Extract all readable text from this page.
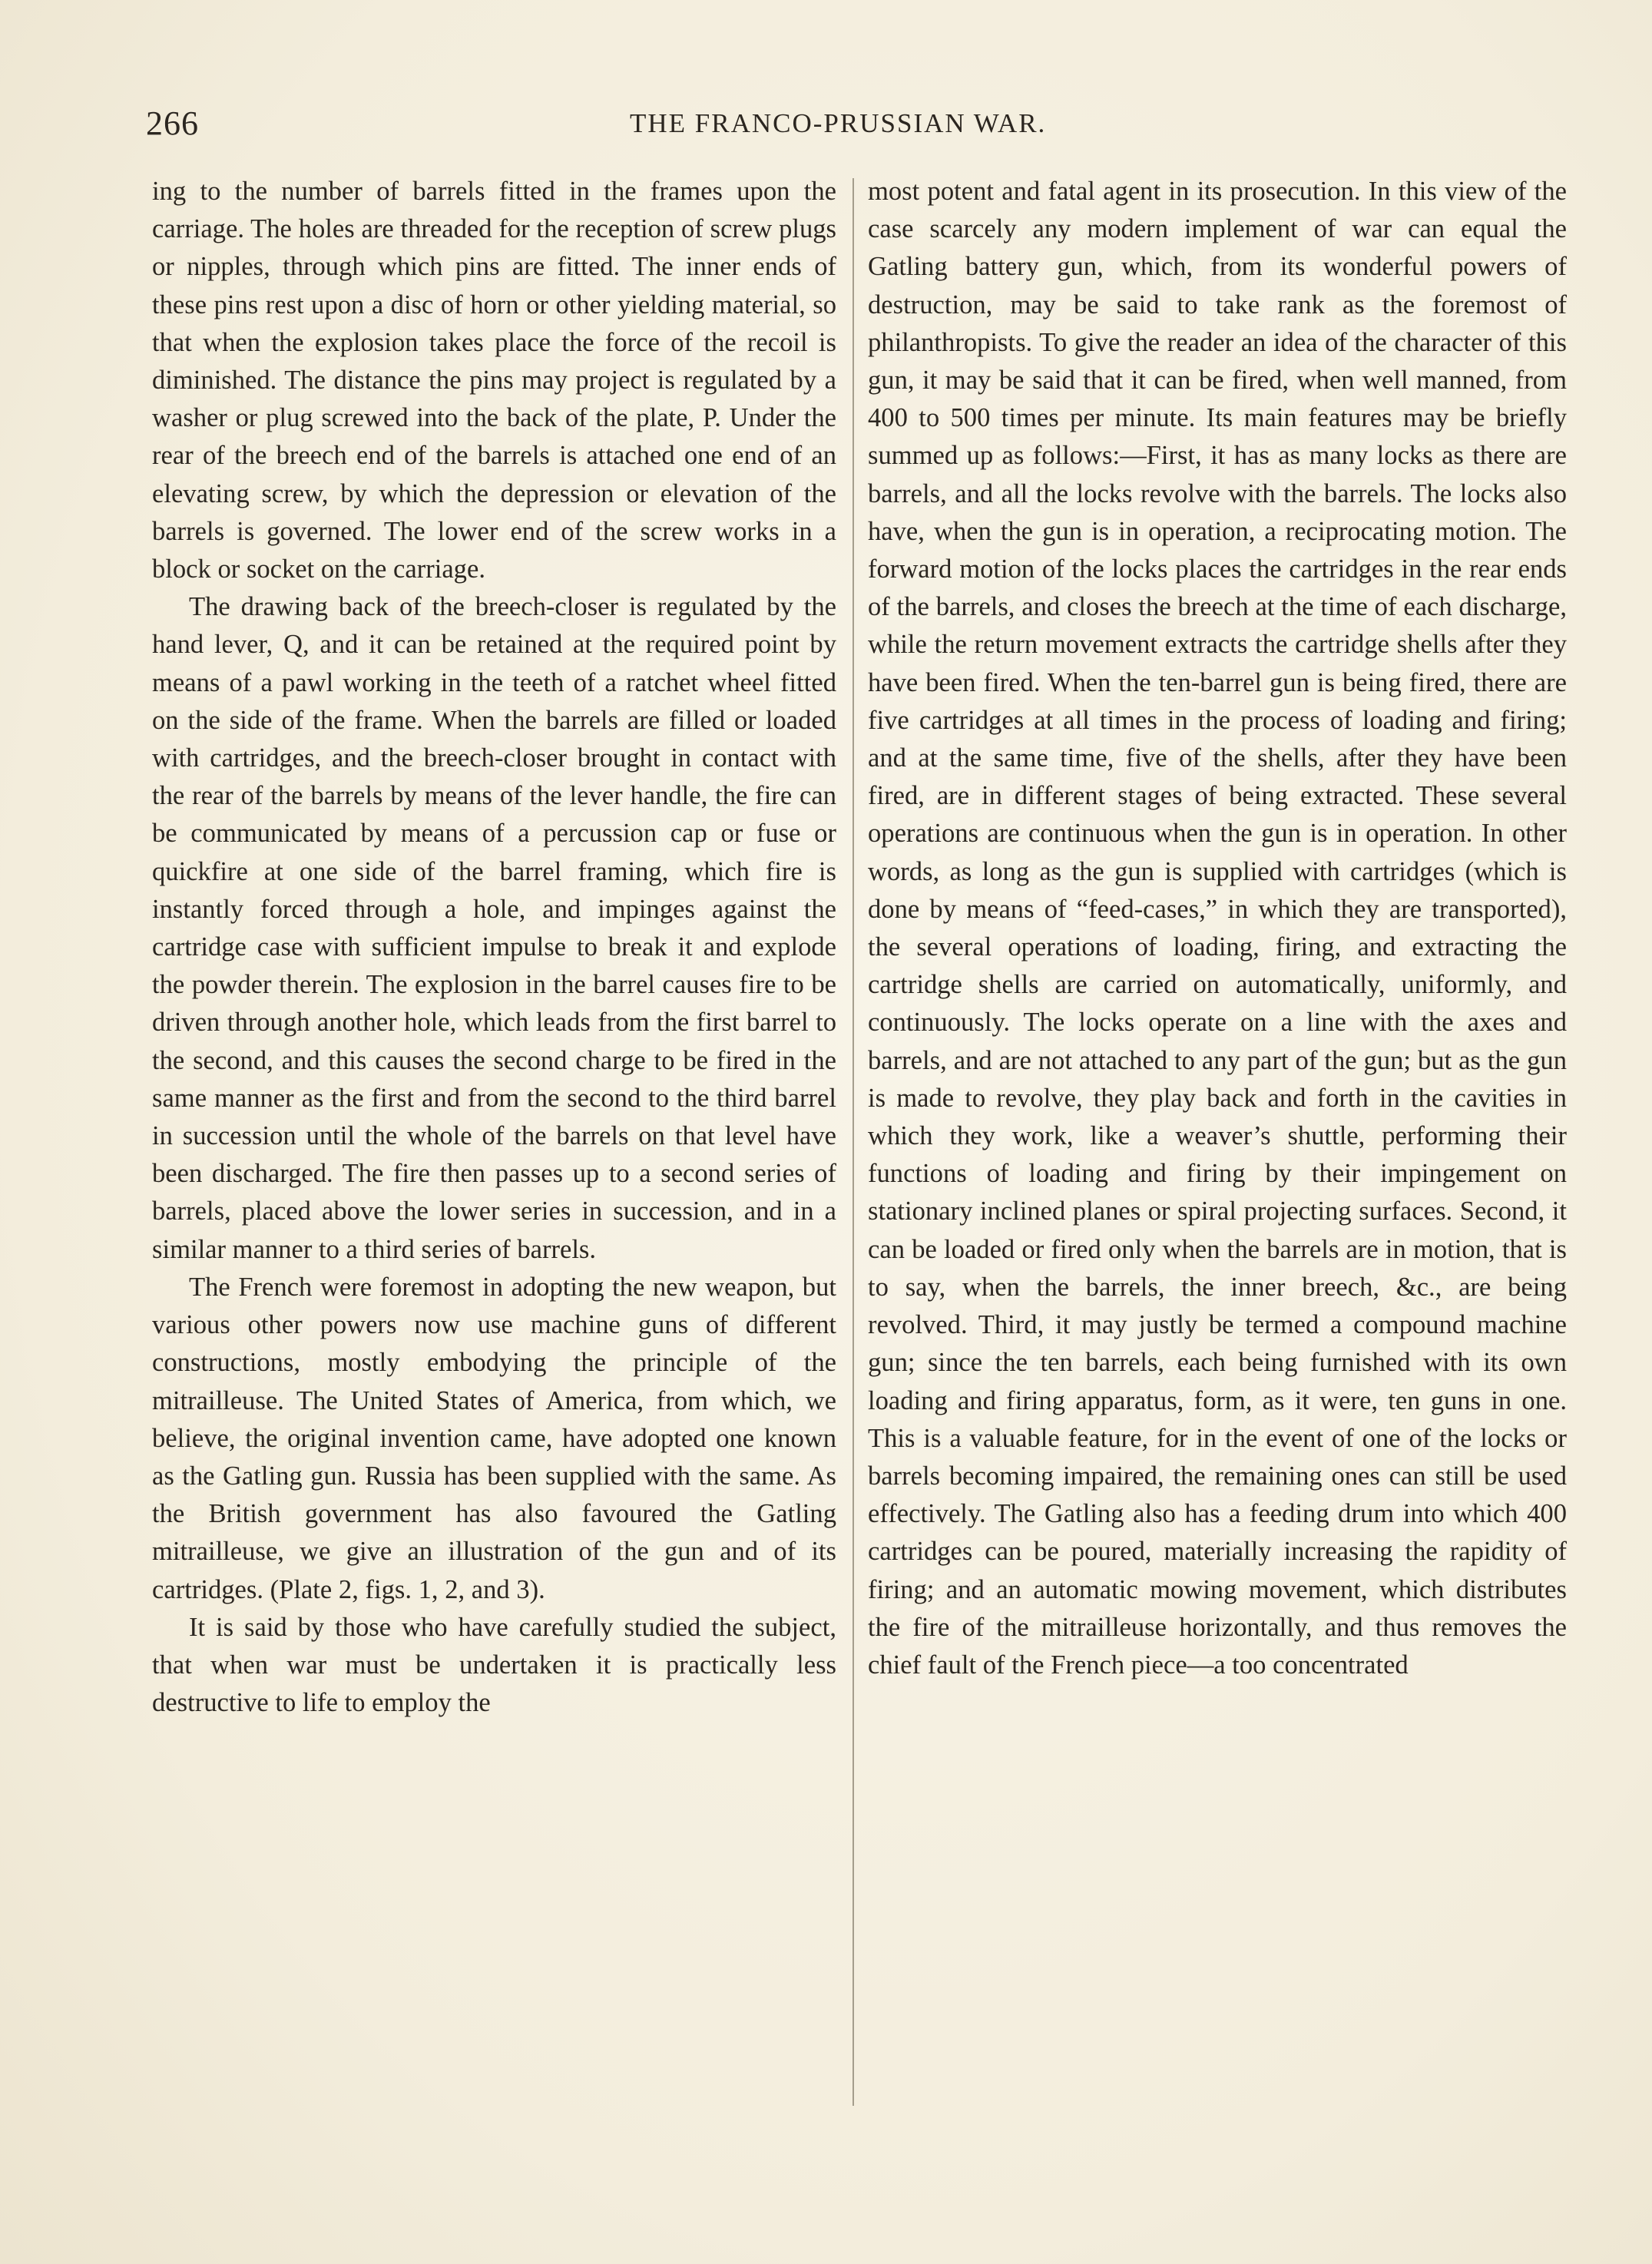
266	THE FRANCO-PRUSSIAN WAR.

ing to the number of barrels fitted in the frames upon the carriage. The holes are threaded for the reception of screw plugs or nipples, through which pins are fitted. The inner ends of these pins rest upon a disc of horn or other yielding material, so that when the explosion takes place the force of the recoil is diminished. The distance the pins may project is regulated by a washer or plug screwed into the back of the plate, P. Under the rear of the breech end of the barrels is attached one end of an elevating screw, by which the depression or elevation of the barrels is governed. The lower end of the screw works in a block or socket on the carriage.

The drawing back of the breech-closer is regulated by the hand lever, Q, and it can be retained at the required point by means of a pawl working in the teeth of a ratchet wheel fitted on the side of the frame. When the barrels are filled or loaded with cartridges, and the breech-closer brought in contact with the rear of the barrels by means of the lever handle, the fire can be communicated by means of a percussion cap or fuse or quickfire at one side of the barrel framing, which fire is instantly forced through a hole, and impinges against the cartridge case with sufficient impulse to break it and explode the powder therein. The explosion in the barrel causes fire to be driven through another hole, which leads from the first barrel to the second, and this causes the second charge to be fired in the same manner as the first and from the second to the third barrel in succession until the whole of the barrels on that level have been discharged. The fire then passes up to a second series of barrels, placed above the lower series in succession, and in a similar manner to a third series of barrels.

The French were foremost in adopting the new weapon, but various other powers now use machine guns of different constructions, mostly embodying the principle of the mitrailleuse. The United States of America, from which, we believe, the original invention came, have adopted one known as the Gatling gun. Russia has been supplied with the same. As the British government has also favoured the Gatling mitrailleuse, we give an illustration of the gun and of its cartridges. (Plate 2, figs. 1, 2, and 3).

It is said by those who have carefully studied the subject, that when war must be undertaken it is practically less destructive to life to employ the

most potent and fatal agent in its prosecution. In this view of the case scarcely any modern implement of war can equal the Gatling battery gun, which, from its wonderful powers of destruction, may be said to take rank as the foremost of philanthropists. To give the reader an idea of the character of this gun, it may be said that it can be fired, when well manned, from 400 to 500 times per minute. Its main features may be briefly summed up as follows:—First, it has as many locks as there are barrels, and all the locks revolve with the barrels. The locks also have, when the gun is in operation, a reciprocating motion. The forward motion of the locks places the cartridges in the rear ends of the barrels, and closes the breech at the time of each discharge, while the return movement extracts the cartridge shells after they have been fired. When the ten-barrel gun is being fired, there are five cartridges at all times in the process of loading and firing; and at the same time, five of the shells, after they have been fired, are in different stages of being extracted. These several operations are continuous when the gun is in operation. In other words, as long as the gun is supplied with cartridges (which is done by means of “feed-cases,” in which they are transported), the several operations of loading, firing, and extracting the cartridge shells are carried on automatically, uniformly, and continuously. The locks operate on a line with the axes and barrels, and are not attached to any part of the gun; but as the gun is made to revolve, they play back and forth in the cavities in which they work, like a weaver’s shuttle, performing their functions of loading and firing by their impingement on stationary inclined planes or spiral projecting surfaces. Second, it can be loaded or fired only when the barrels are in motion, that is to say, when the barrels, the inner breech, &c., are being revolved. Third, it may justly be termed a compound machine gun; since the ten barrels, each being furnished with its own loading and firing apparatus, form, as it were, ten guns in one. This is a valuable feature, for in the event of one of the locks or barrels becoming impaired, the remaining ones can still be used effectively. The Gatling also has a feeding drum into which 400 cartridges can be poured, materially increasing the rapidity of firing; and an automatic mowing movement, which distributes the fire of the mitrailleuse horizontally, and thus removes the chief fault of the French piece—a too concentrated
